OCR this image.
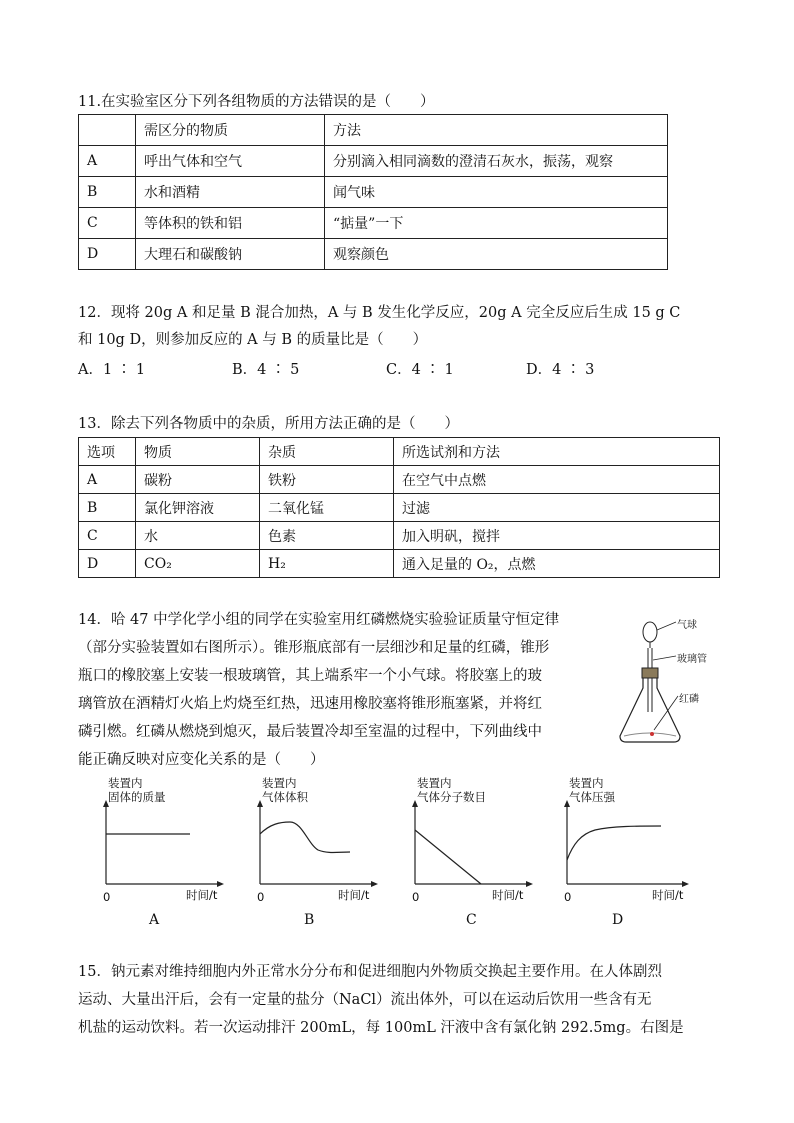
11.在实验室区分下列各组物质的方法错误的是（　　）
	需区分的物质	方法
A	呼出气体和空气	分别滴入相同滴数的澄清石灰水，振荡，观察
B	水和酒精	闻气味
C	等体积的铁和铝	“掂量”一下
D	大理石和碳酸钠	观察颜色
12．现将 20g A 和足量 B 混合加热，A 与 B 发生化学反应，20g A 完全反应后生成 15 g C
和 10g D，则参加反应的 A 与 B 的质量比是（　　）
A．1 ∶ 1	B．4 ∶ 5	C．4 ∶ 1	D．4 ∶ 3
13．除去下列各物质中的杂质，所用方法正确的是（　　）
选项	物质	杂质	所选试剂和方法
A	碳粉	铁粉	在空气中点燃
B	氯化钾溶液	二氧化锰	过滤
C	水	色素	加入明矾，搅拌
D	CO₂	H₂	通入足量的 O₂，点燃
14．哈 47 中学化学小组的同学在实验室用红磷燃烧实验验证质量守恒定律
（部分实验装置如右图所示）。锥形瓶底部有一层细沙和足量的红磷，锥形
瓶口的橡胶塞上安装一根玻璃管，其上端系牢一个小气球。将胶塞上的玻
璃管放在酒精灯火焰上灼烧至红热，迅速用橡胶塞将锥形瓶塞紧，并将红
磷引燃。红磷从燃烧到熄灭，最后装置冷却至室温的过程中，下列曲线中
能正确反映对应变化关系的是（　　）
气球
玻璃管
红磷
装置内
固体的质量
0	时间/t
A
装置内
气体体积
0	时间/t
B
装置内
气体分子数目
0	时间/t
C
装置内
气体压强
0	时间/t
D
15．钠元素对维持细胞内外正常水分分布和促进细胞内外物质交换起主要作用。在人体剧烈
运动、大量出汗后，会有一定量的盐分（NaCl）流出体外，可以在运动后饮用一些含有无
机盐的运动饮料。若一次运动排汗 200mL，每 100mL 汗液中含有氯化钠 292.5mg。右图是
